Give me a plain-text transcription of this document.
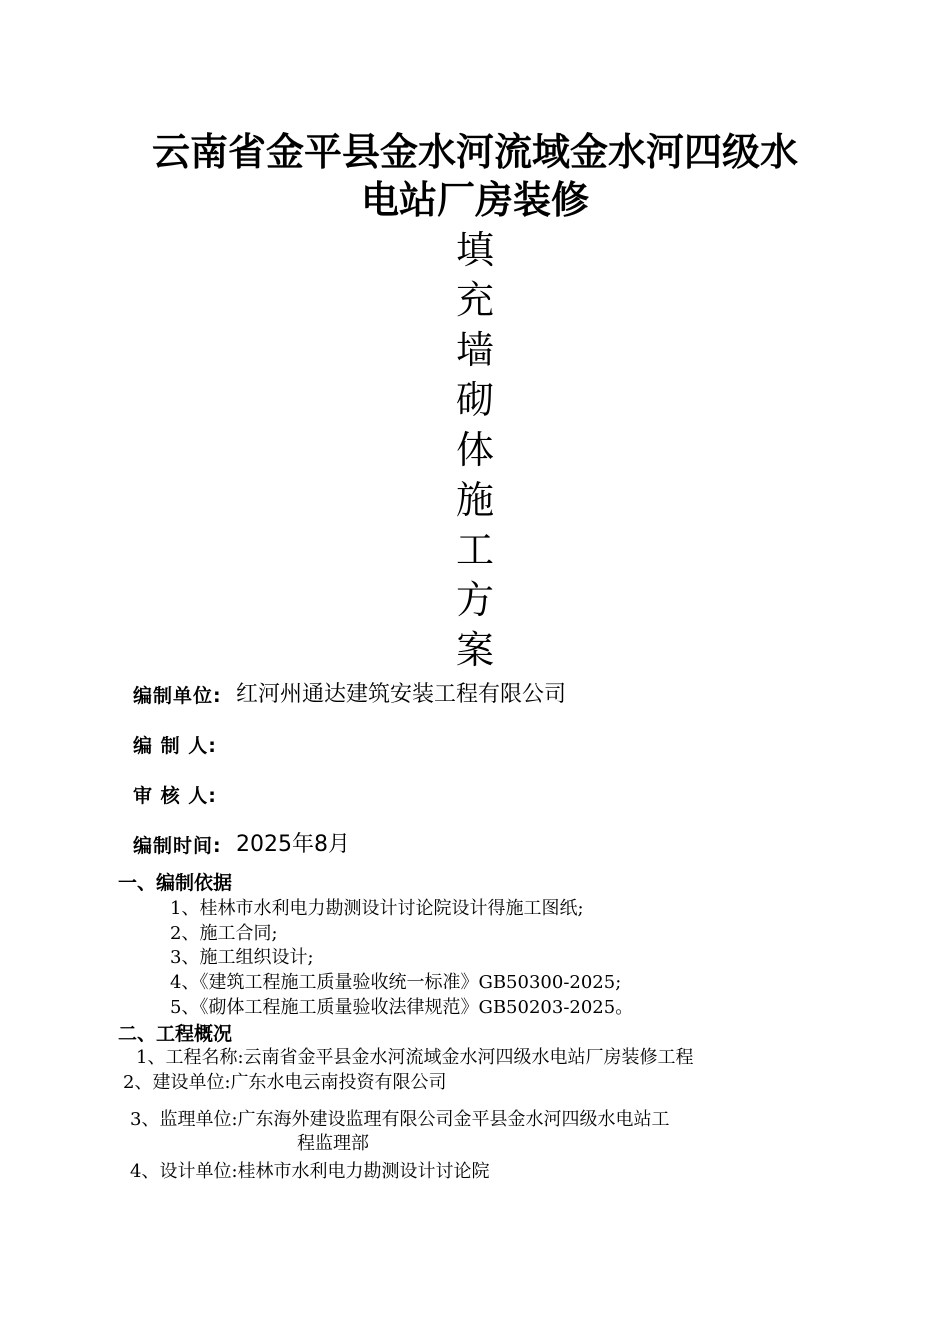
云南省金平县金水河流域金水河四级水
电站厂房装修
填
充
墙
砌
体
施
工
方
案
编制单位: 红河州通达建筑安装工程有限公司
编 制 人:
审 核 人:
编制时间: 2025年8月
一、编制依据
1、桂林市水利电力勘测设计讨论院设计得施工图纸;
2、施工合同;
3、施工组织设计;
4、《建筑工程施工质量验收统一标准》GB50300-2025;
5、《砌体工程施工质量验收法律规范》GB50203-2025。
二、工程概况
1、工程名称:云南省金平县金水河流域金水河四级水电站厂房装修工程
2、建设单位:广东水电云南投资有限公司
3、监理单位:广东海外建设监理有限公司金平县金水河四级水电站工
程监理部
4、设计单位:桂林市水利电力勘测设计讨论院
